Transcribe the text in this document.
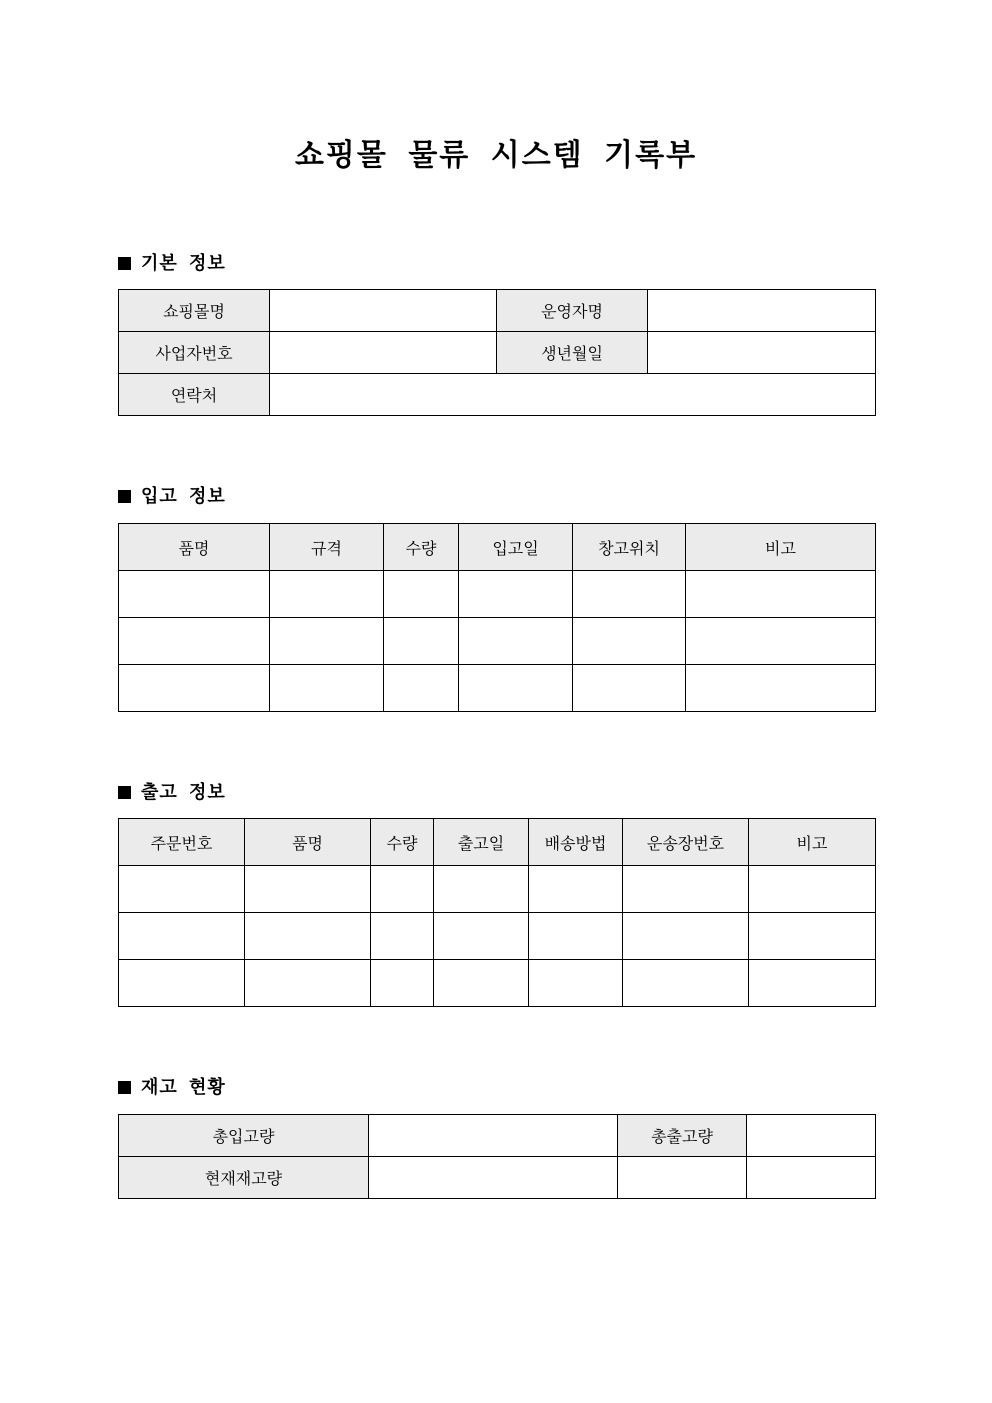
쇼핑몰 물류 시스템 기록부
기본 정보
쇼핑몰명		운영자명	
사업자번호		생년월일	
연락처			
입고 정보
품명	규격	수량	입고일	창고위치	비고

출고 정보
주문번호	품명	수량	출고일	배송방법	운송장번호	비고

재고 현황
총입고량		총출고량	
현재재고량			
